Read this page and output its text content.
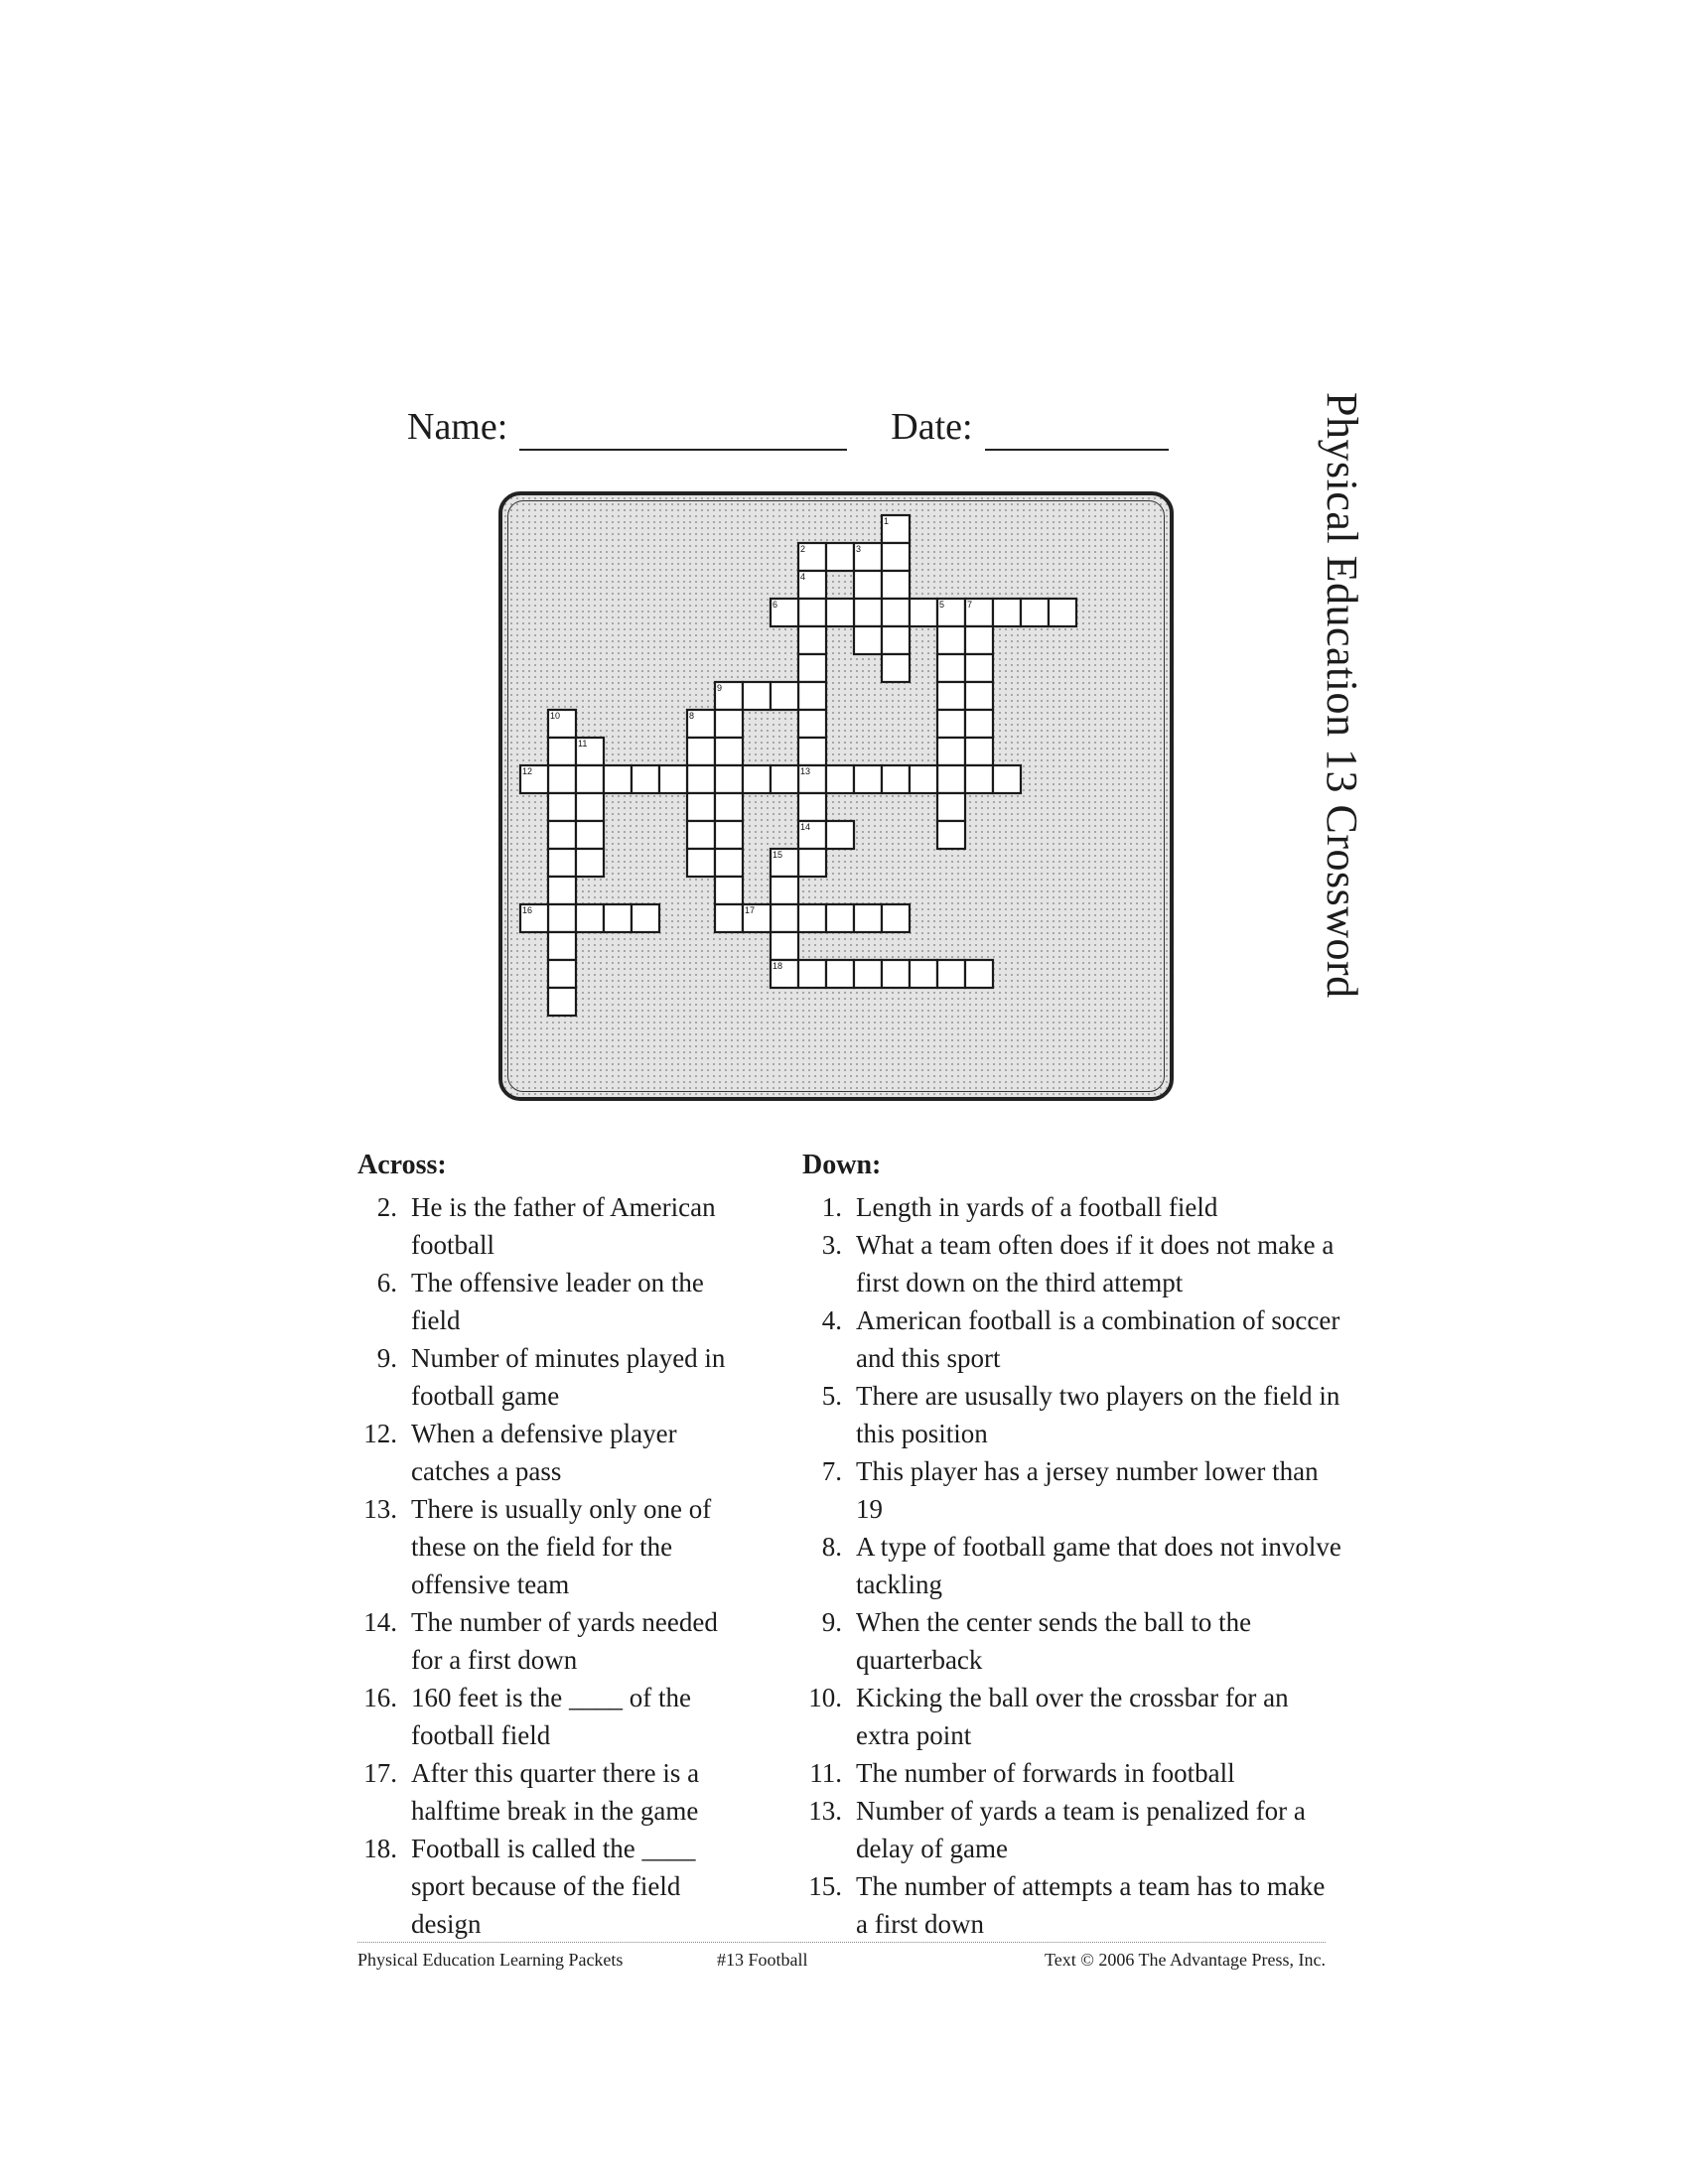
Name:	Date:	Physical Education 13 Crossword
1
2	3
4
5
6	7
8
9
10
11
12	13
14
15
16	17
18
Across:
2. He is the father of American football
6. The offensive leader on the field
9. Number of minutes played in football game
12. When a defensive player catches a pass
13. There is usually only one of these on the field for the offensive team
14. The number of yards needed for a first down
16. 160 feet is the ____ of the football field
17. After this quarter there is a halftime break in the game
18. Football is called the ____ sport because of the field design
Down:
1. Length in yards of a football field
3. What a team often does if it does not make a first down on the third attempt
4. American football is a combination of soccer and this sport
5. There are ususally two players on the field in this position
7. This player has a jersey number lower than 19
8. A type of football game that does not involve tackling
9. When the center sends the ball to the quarterback
10. Kicking the ball over the crossbar for an extra point
11. The number of forwards in football
13. Number of yards a team is penalized for a delay of game
15. The number of attempts a team has to make a first down
Physical Education Learning Packets	#13 Football	Text © 2006 The Advantage Press, Inc.
